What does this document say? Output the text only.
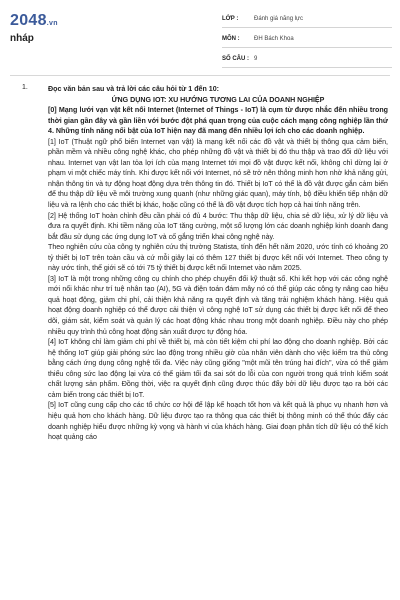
2048.vn
nháp
LỚP :	Đánh giá năng lực
MÔN :	ĐH Bách Khoa
SỐ CÂU : 9
1.	Đọc văn bản sau và trả lời các câu hỏi từ 1 đến 10:

ỨNG DỤNG IOT: XU HƯỚNG TƯƠNG LAI CỦA DOANH NGHIỆP

[0] Mạng lưới vạn vật kết nối Internet (Internet of Things - IoT) là cụm từ được nhắc đến nhiều trong thời gian gần đây và gần liền với bước đột phá quan trọng của cuộc cách mạng công nghiệp lần thứ 4. Những tính năng nổi bật của IoT hiện nay đã mang đến nhiều lợi ích cho các doanh nghiệp.

[1] IoT (Thuật ngữ phổ biến Internet vạn vật) là mạng kết nối các đồ vật và thiết bị thông qua cảm biến, phần mềm và nhiều công nghệ khác, cho phép những đồ vật và thiết bị đó thu thập và trao đổi dữ liệu với nhau. Internet vạn vật lan tỏa lợi ích của mạng Internet tới mọi đồ vật được kết nối, không chỉ dừng lại ở phạm vi một chiếc máy tính. Khi được kết nối với Internet, nó sẽ trở nên thông minh hơn nhờ khả năng gửi, nhận thông tin và tự động hoạt động dựa trên thông tin đó. Thiết bị IoT có thể là đồ vật được gắn cảm biến để thu thập dữ liệu về môi trường xung quanh (như những giác quan), máy tính, bộ điều khiển tiếp nhận dữ liệu và ra lệnh cho các thiết bị khác, hoặc cũng có thể là đồ vật được tích hợp cả hai tính năng trên.

[2] Hệ thống IoT hoàn chỉnh đều cần phải có đủ 4 bước: Thu thập dữ liệu, chia sẻ dữ liệu, xử lý dữ liệu và đưa ra quyết định. Khi tiềm năng của IoT tăng cường, một số lượng lớn các doanh nghiệp kinh doanh đang bắt đầu sử dụng các ứng dụng IoT và cố gắng triển khai công nghệ này.

Theo nghiên cứu của công ty nghiên cứu thị trường Statista, tính đến hết năm 2020, ước tính có khoảng 20 tỷ thiết bị IoT trên toàn cầu và cứ mỗi giây lại có thêm 127 thiết bị được kết nối với Internet. Theo công ty này ước tính, thế giới sẽ có tới 75 tỷ thiết bị được kết nối Internet vào năm 2025.

[3] IoT là một trong những công cụ chính cho phép chuyển đổi kỹ thuật số. Khi kết hợp với các công nghệ mới nổi khác như trí tuệ nhân tạo (AI), 5G và điện toán đám mây nó có thể giúp các công ty nâng cao hiệu quả hoạt động, giảm chi phí, cải thiện khả năng ra quyết định và tăng trải nghiệm khách hàng. Hiệu quả hoạt động doanh nghiệp có thể được cải thiện vì công nghệ IoT sử dụng các thiết bị được kết nối để theo dõi, giám sát, kiểm soát và quản lý các hoạt động khác nhau trong một doanh nghiệp. Điều này cho phép nhiều quy trình thủ công hoạt động sản xuất được tự động hóa.

[4] IoT không chỉ làm giảm chi phí về thiết bị, mà còn tiết kiệm chi phí lao động cho doanh nghiệp. Bởi các hệ thống IoT giúp giải phóng sức lao động trong nhiều giờ của nhân viên dành cho việc kiểm tra thủ công bằng cách ứng dụng công nghệ tối đa. Việc này cũng giống "một mũi tên trúng hai đích", vừa có thể giảm thiểu công sức lao động lại vừa có thể giảm tối đa sai sót do lỗi của con người trong quá trình kiểm soát chất lượng sản phẩm. Đồng thời, việc ra quyết định cũng được thúc đẩy bởi dữ liệu được tạo ra bởi các cảm biến trong các thiết bị IoT.

[5] IoT cũng cung cấp cho các tổ chức cơ hội để lập kế hoạch tốt hơn và kết quả là phục vụ nhanh hơn và hiệu quả hơn cho khách hàng. Dữ liệu được tạo ra thông qua các thiết bị thông minh có thể thúc đẩy các doanh nghiệp hiểu được những kỳ vọng và hành vi của khách hàng. Giai đoạn phân tích dữ liệu có thể kích hoạt quảng cáo
